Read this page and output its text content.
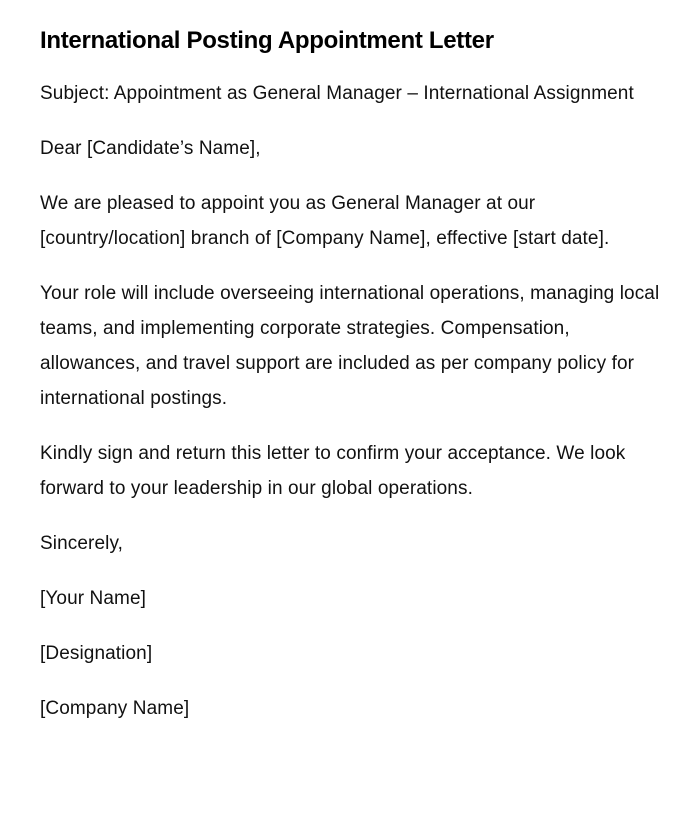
International Posting Appointment Letter

Subject: Appointment as General Manager – International Assignment

Dear [Candidate’s Name],

We are pleased to appoint you as General Manager at our [country/location] branch of [Company Name], effective [start date].

Your role will include overseeing international operations, managing local teams, and implementing corporate strategies. Compensation, allowances, and travel support are included as per company policy for international postings.

Kindly sign and return this letter to confirm your acceptance. We look forward to your leadership in our global operations.

Sincerely,

[Your Name]

[Designation]

[Company Name]
